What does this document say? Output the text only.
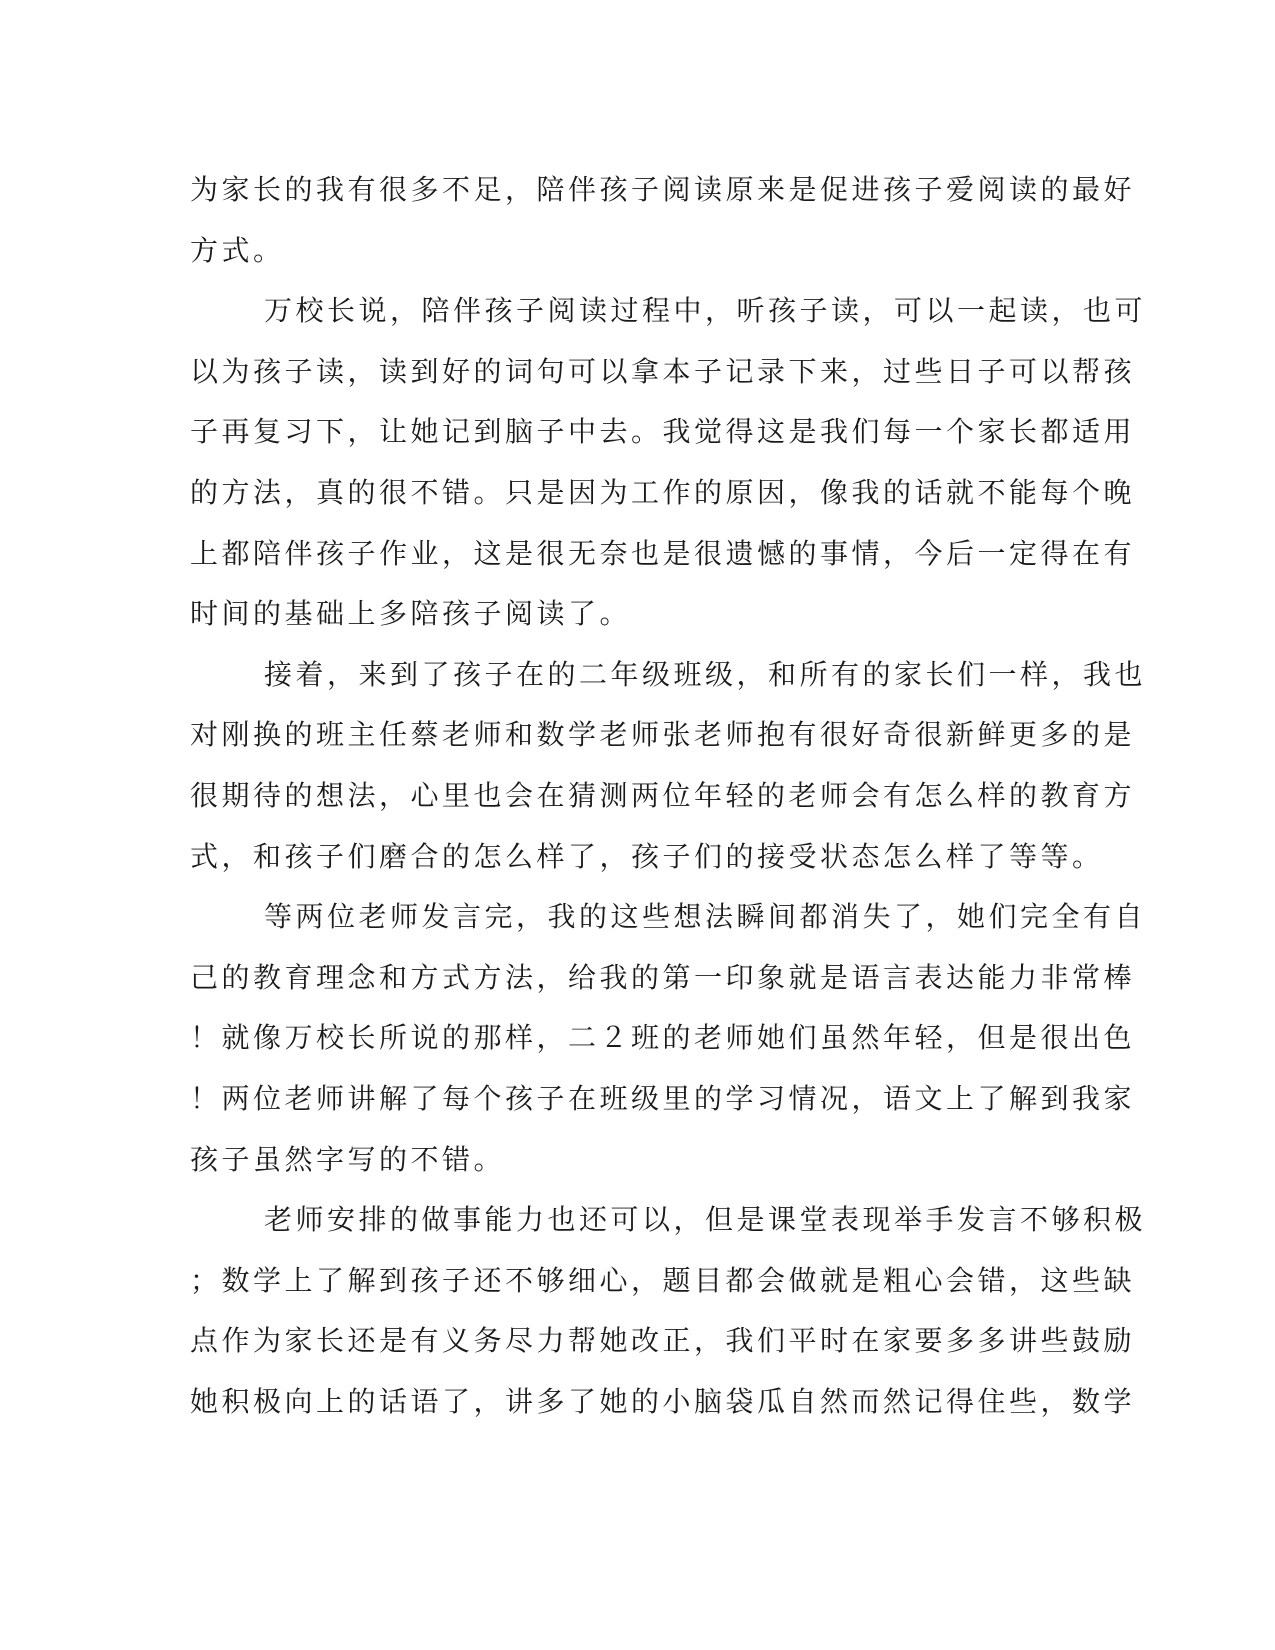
为家长的我有很多不足，陪伴孩子阅读原来是促进孩子爱阅读的最好
方式。
万校长说，陪伴孩子阅读过程中，听孩子读，可以一起读，也可
以为孩子读，读到好的词句可以拿本子记录下来，过些日子可以帮孩
子再复习下，让她记到脑子中去。我觉得这是我们每一个家长都适用
的方法，真的很不错。只是因为工作的原因，像我的话就不能每个晚
上都陪伴孩子作业，这是很无奈也是很遗憾的事情，今后一定得在有
时间的基础上多陪孩子阅读了。
接着，来到了孩子在的二年级班级，和所有的家长们一样，我也
对刚换的班主任蔡老师和数学老师张老师抱有很好奇很新鲜更多的是
很期待的想法，心里也会在猜测两位年轻的老师会有怎么样的教育方
式，和孩子们磨合的怎么样了，孩子们的接受状态怎么样了等等。
等两位老师发言完，我的这些想法瞬间都消失了，她们完全有自
己的教育理念和方式方法，给我的第一印象就是语言表达能力非常棒
！就像万校长所说的那样，二２班的老师她们虽然年轻，但是很出色
！两位老师讲解了每个孩子在班级里的学习情况，语文上了解到我家
孩子虽然字写的不错。
老师安排的做事能力也还可以，但是课堂表现举手发言不够积极
；数学上了解到孩子还不够细心，题目都会做就是粗心会错，这些缺
点作为家长还是有义务尽力帮她改正，我们平时在家要多多讲些鼓励
她积极向上的话语了，讲多了她的小脑袋瓜自然而然记得住些，数学
